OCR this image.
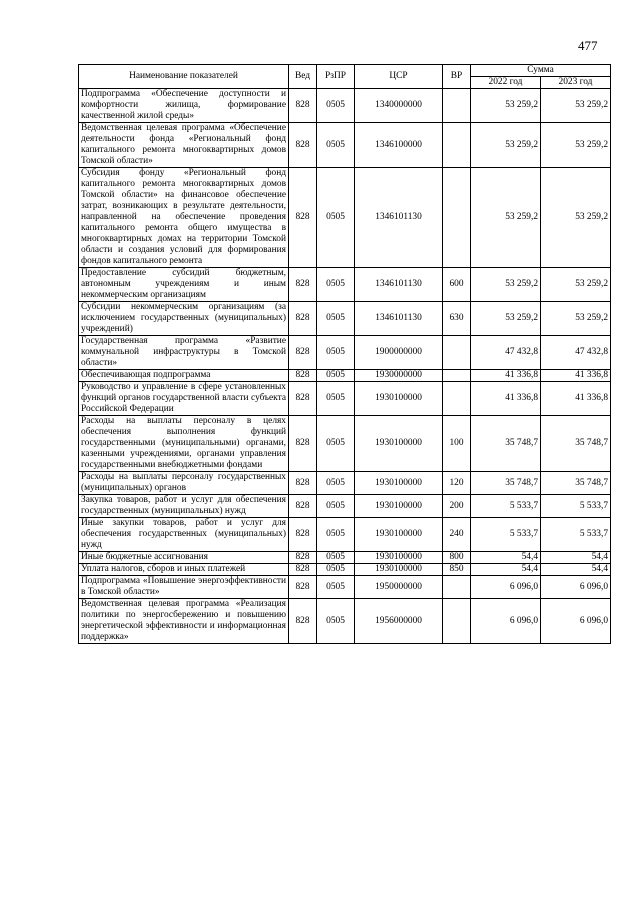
477
Наименование показателей	Вед	РзПР	ЦСР	ВР	Сумма	
					2022 год	2023 год
Подпрограмма «Обеспечение доступности и комфортности жилища, формирование качественной жилой среды»	828	0505	1340000000		53 259,2	53 259,2
Ведомственная целевая программа «Обеспечение деятельности фонда «Региональный фонд капитального ремонта многоквартирных домов Томской области»	828	0505	1346100000		53 259,2	53 259,2
Субсидия фонду «Региональный фонд капитального ремонта многоквартирных домов Томской области» на финансовое обеспечение затрат, возникающих в результате деятельности, направленной на обеспечение проведения капитального ремонта общего имущества в многоквартирных домах на территории Томской области и создания условий для формирования фондов капитального ремонта	828	0505	1346101130		53 259,2	53 259,2
Предоставление субсидий бюджетным, автономным учреждениям и иным некоммерческим организациям	828	0505	1346101130	600	53 259,2	53 259,2
Субсидии некоммерческим организациям (за исключением государственных (муниципальных) учреждений)	828	0505	1346101130	630	53 259,2	53 259,2
Государственная программа «Развитие коммунальной инфраструктуры в Томской области»	828	0505	1900000000		47 432,8	47 432,8
Обеспечивающая подпрограмма	828	0505	1930000000		41 336,8	41 336,8
Руководство и управление в сфере установленных функций органов государственной власти субъекта Российской Федерации	828	0505	1930100000		41 336,8	41 336,8
Расходы на выплаты персоналу в целях обеспечения выполнения функций государственными (муниципальными) органами, казенными учреждениями, органами управления государственными внебюджетными фондами	828	0505	1930100000	100	35 748,7	35 748,7
Расходы на выплаты персоналу государственных (муниципальных) органов	828	0505	1930100000	120	35 748,7	35 748,7
Закупка товаров, работ и услуг для обеспечения государственных (муниципальных) нужд	828	0505	1930100000	200	5 533,7	5 533,7
Иные закупки товаров, работ и услуг для обеспечения государственных (муниципальных) нужд	828	0505	1930100000	240	5 533,7	5 533,7
Иные бюджетные ассигнования	828	0505	1930100000	800	54,4	54,4
Уплата налогов, сборов и иных платежей	828	0505	1930100000	850	54,4	54,4
Подпрограмма «Повышение энергоэффективности в Томской области»	828	0505	1950000000		6 096,0	6 096,0
Ведомственная целевая программа «Реализация политики по энергосбережению и повышению энергетической эффективности и информационная поддержка»	828	0505	1956000000		6 096,0	6 096,0
